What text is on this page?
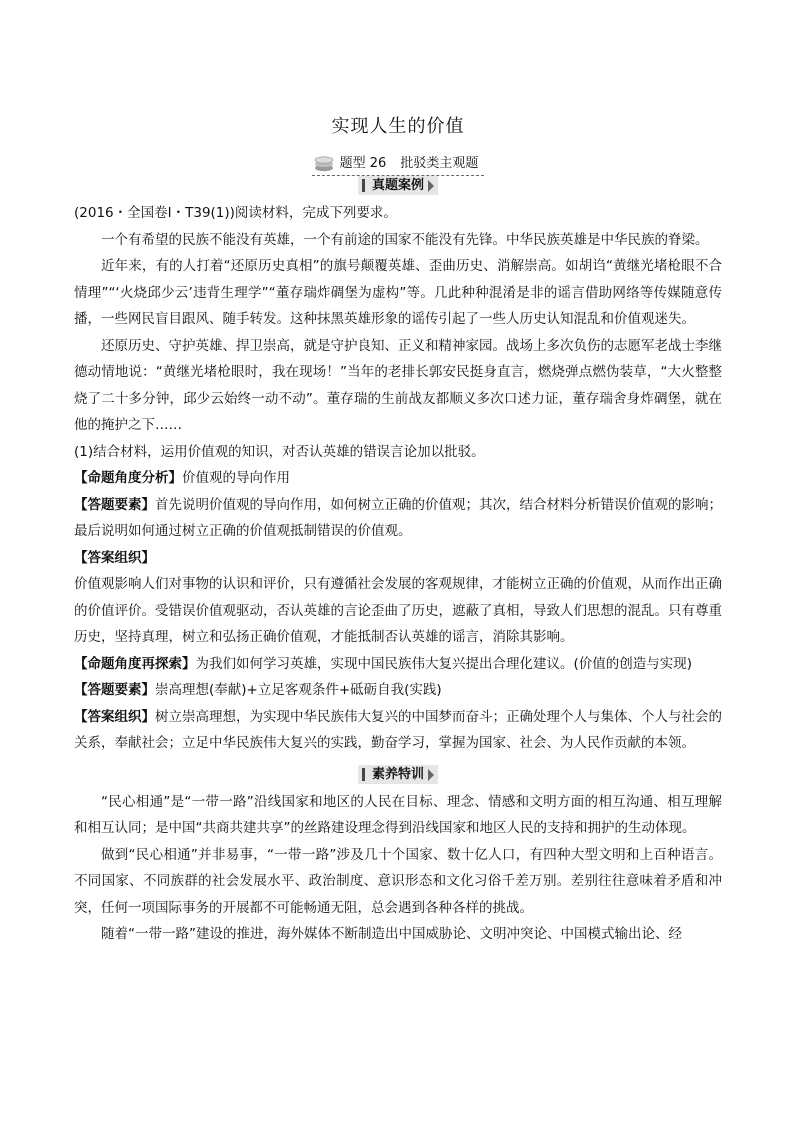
实现人生的价值
题型 26 批驳类主观题
真题案例

(2016・全国卷Ⅰ・T39(1))阅读材料，完成下列要求。

一个有希望的民族不能没有英雄，一个有前途的国家不能没有先锋。中华民族英雄是中华民族的脊梁。

近年来，有的人打着“还原历史真相”的旗号颠覆英雄、歪曲历史、消解崇高。如胡诌“黄继光堵枪眼不合情理”“‘火烧邱少云’违背生理学”“董存瑞炸碉堡为虚构”等。几此种种混淆是非的谣言借助网络等传媒随意传播，一些网民盲目跟风、随手转发。这种抹黑英雄形象的谣传引起了一些人历史认知混乱和价值观迷失。

还原历史、守护英雄、捍卫崇高，就是守护良知、正义和精神家园。战场上多次负伤的志愿军老战士李继德动情地说：“黄继光堵枪眼时，我在现场！”当年的老排长郭安民挺身直言，燃烧弹点燃伪装草，“大火整整烧了二十多分钟，邱少云始终一动不动”。董存瑞的生前战友都顺义多次口述力证，董存瑞舍身炸碉堡，就在他的掩护之下……

(1)结合材料，运用价值观的知识，对否认英雄的错误言论加以批驳。

【命题角度分析】价值观的导向作用

【答题要素】首先说明价值观的导向作用，如何树立正确的价值观；其次，结合材料分析错误价值观的影响；最后说明如何通过树立正确的价值观抵制错误的价值观。

【答案组织】

价值观影响人们对事物的认识和评价，只有遵循社会发展的客观规律，才能树立正确的价值观，从而作出正确的价值评价。受错误价值观驱动，否认英雄的言论歪曲了历史，遮蔽了真相，导致人们思想的混乱。只有尊重历史，坚持真理，树立和弘扬正确价值观，才能抵制否认英雄的谣言，消除其影响。

【命题角度再探索】为我们如何学习英雄，实现中国民族伟大复兴提出合理化建议。(价值的创造与实现)

【答题要素】崇高理想(奉献)+立足客观条件+砥砺自我(实践)

【答案组织】树立崇高理想，为实现中华民族伟大复兴的中国梦而奋斗；正确处理个人与集体、个人与社会的关系，奉献社会；立足中华民族伟大复兴的实践，勤奋学习，掌握为国家、社会、为人民作贡献的本领。

素养特训

“民心相通”是“一带一路”沿线国家和地区的人民在目标、理念、情感和文明方面的相互沟通、相互理解和相互认同；是中国“共商共建共享”的丝路建设理念得到沿线国家和地区人民的支持和拥护的生动体现。

做到“民心相通”并非易事，“一带一路”涉及几十个国家、数十亿人口，有四种大型文明和上百种语言。不同国家、不同族群的社会发展水平、政治制度、意识形态和文化习俗千差万别。差别往往意味着矛盾和冲突，任何一项国际事务的开展都不可能畅通无阻，总会遇到各种各样的挑战。

随着“一带一路”建设的推进，海外媒体不断制造出中国威胁论、文明冲突论、中国模式输出论、经
